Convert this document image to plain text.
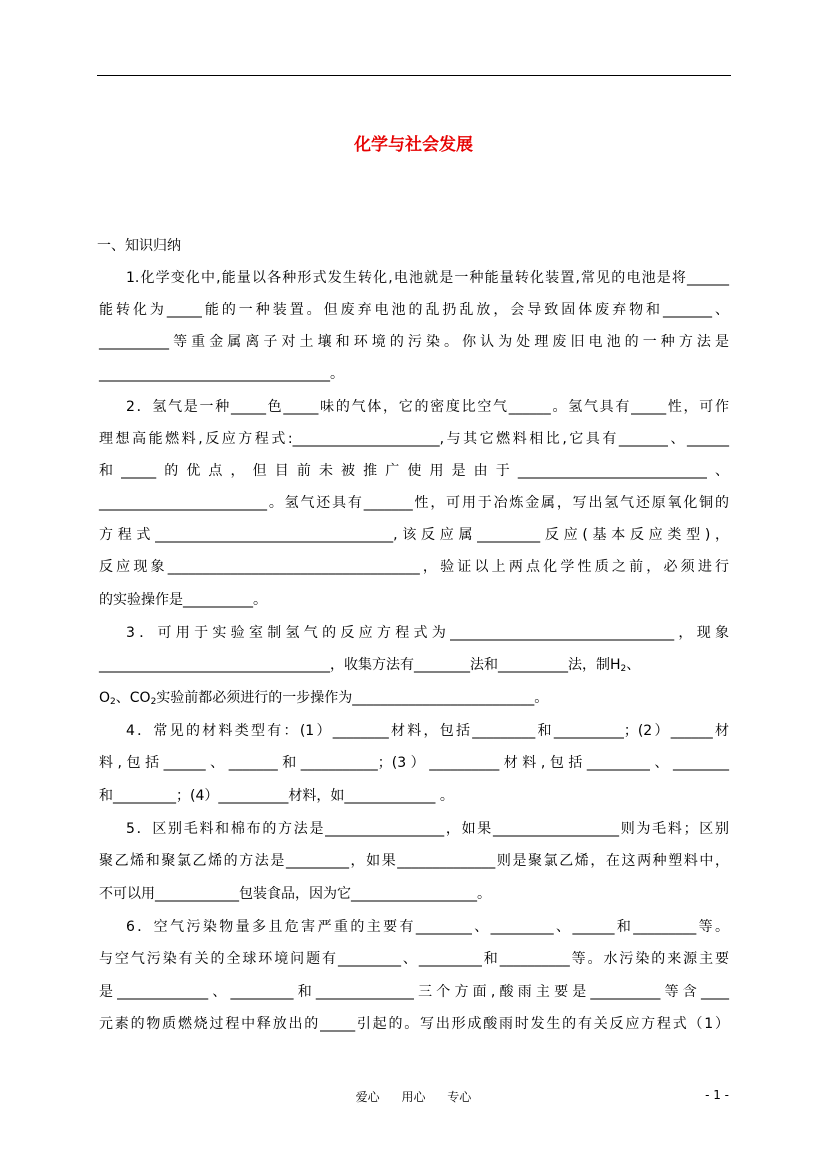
化学与社会发展
一、知识归纳
1.化学变化中,能量以各种形式发生转化,电池就是一种能量转化装置,常见的电池是将______
能转化为_____能的一种装置。但废弃电池的乱扔乱放，会导致固体废弃物和_______、
__________等重金属离子对土壤和环境的污染。你认为处理废旧电池的一种方法是
_________________________________。
2．氢气是一种_____色_____味的气体，它的密度比空气______。氢气具有_____性，可作
理想高能燃料,反应方程式:_____________________,与其它燃料相比,它具有_______、______
和_____的优点，但目前未被推广使用是由于___________________________、
________________________。氢气还具有_______性，可用于冶炼金属，写出氢气还原氧化铜的
方程式__________________________________,该反应属_________反应(基本反应类型)，
反应现象____________________________________，验证以上两点化学性质之前，必须进行
的实验操作是__________。
3．可用于实验室制氢气的反应方程式为________________________________，现象
_________________________________，收集方法有________法和__________法，制$H_2$、
$O_2$、$CO_2$实验前都必须进行的一步操作为__________________________。
4．常见的材料类型有：(1）________材料，包括_________和__________；(2）______材
料,包括______、_______和___________；(3）__________材料,包括_________、________
和_________；(4）__________材料，如_____________ 。
5．区别毛料和棉布的方法是_________________，如果__________________则为毛料；区别
聚乙烯和聚氯乙烯的方法是_________，如果______________则是聚氯乙烯，在这两种塑料中，
不可以用____________包装食品，因为它__________________。
6．空气污染物量多且危害严重的主要有________、_________、______和_________等。
与空气污染有关的全球环境问题有_________、_________和__________等。水污染的来源主要
是_____________、_________和______________三个方面,酸雨主要是__________等含____
元素的物质燃烧过程中释放出的_____引起的。写出形成酸雨时发生的有关反应方程式（1）
爱心 用心 专心	- 1 -
